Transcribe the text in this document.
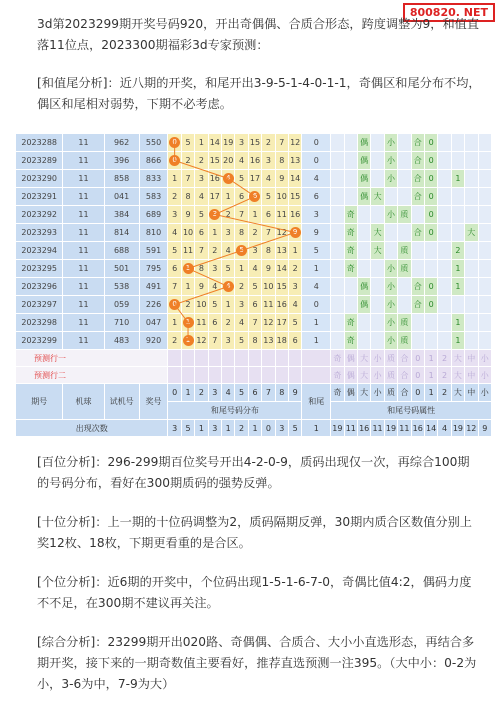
800820. NET

3d第2023299期开奖号码920，开出奇偶偶、合质合形态，跨度调整为9，和值直落11位点，2023300期福彩3d专家预测：

[和值尾分析]：近八期的开奖，和尾开出3-9-5-1-4-0-1-1，奇偶区和尾分布不均，偶区和尾相对弱势，下期不必考虑。

2023288	11	962	550	0	5	1	14	19	3	15	2	7	12	0			偶		小		合	0				
2023289	11	396	866	0	2	2	15	20	4	16	3	8	13	0			偶		小		合	0				
2023290	11	858	833	1	7	3	16	4	5	17	4	9	14	4			偶		小		合	0		1		
2023291	11	041	583	2	8	4	17	1	6	6	5	10	15	6			偶	大			合	0				
2023292	11	384	689	3	9	5	3	2	7	1	6	11	16	3		奇			小	质		0				
2023293	11	814	810	4	10	6	1	3	8	2	7	12	9	9		奇		大			合	0			大	
2023294	11	688	591	5	11	7	2	4	5	3	8	13	1	5		奇		大		质				2		
2023295	11	501	795	6	1	8	3	5	1	4	9	14	2	1		奇			小	质				1		
2023296	11	538	491	7	1	9	4	4	2	5	10	15	3	4			偶		小		合	0		1		
2023297	11	059	226	0	2	10	5	1	3	6	11	16	4	0			偶		小		合	0				
2023298	11	710	047	1	1	11	6	2	4	7	12	17	5	1		奇			小	质				1		
2023299	11	483	920	2	1	12	7	3	5	8	13	18	6	1		奇			小	质				1		
预测行一															奇	偶	大	小	质	合	0	1	2	大	中	小
预测行二															奇	偶	大	小	质	合	0	1	2	大	中	小
期号	机球	试机号	奖号	0	1	2	3	4	5	6	7	8	9	和尾	奇	偶	大	小	质	合	0	1	2	大	中	小
				和尾号码分布											和尾号码属性											
出现次数				3	5	1	3	1	2	1	0	3	5	1	19	11	16	11	19	11	16	14	4	19	12	9

[百位分析]：296-299期百位奖号开出4-2-0-9，质码出现仅一次，再综合100期的号码分布，看好在300期质码的强势反弹。

[十位分析]：上一期的十位码调整为2，质码隔期反弹，30期内质合区数值分别上奖12枚、18枚，下期更看重的是合区。

[个位分析]：近6期的开奖中，个位码出现1-5-1-6-7-0，奇偶比值4:2，偶码力度不不足，在300期不建议再关注。

[综合分析]：23299期开出020路、奇偶偶、合质合、大小小直选形态，再结合多期开奖，接下来的一期奇数值主要看好，推荐直选预测一注395。（大中小：0-2为小，3-6为中，7-9为大）
